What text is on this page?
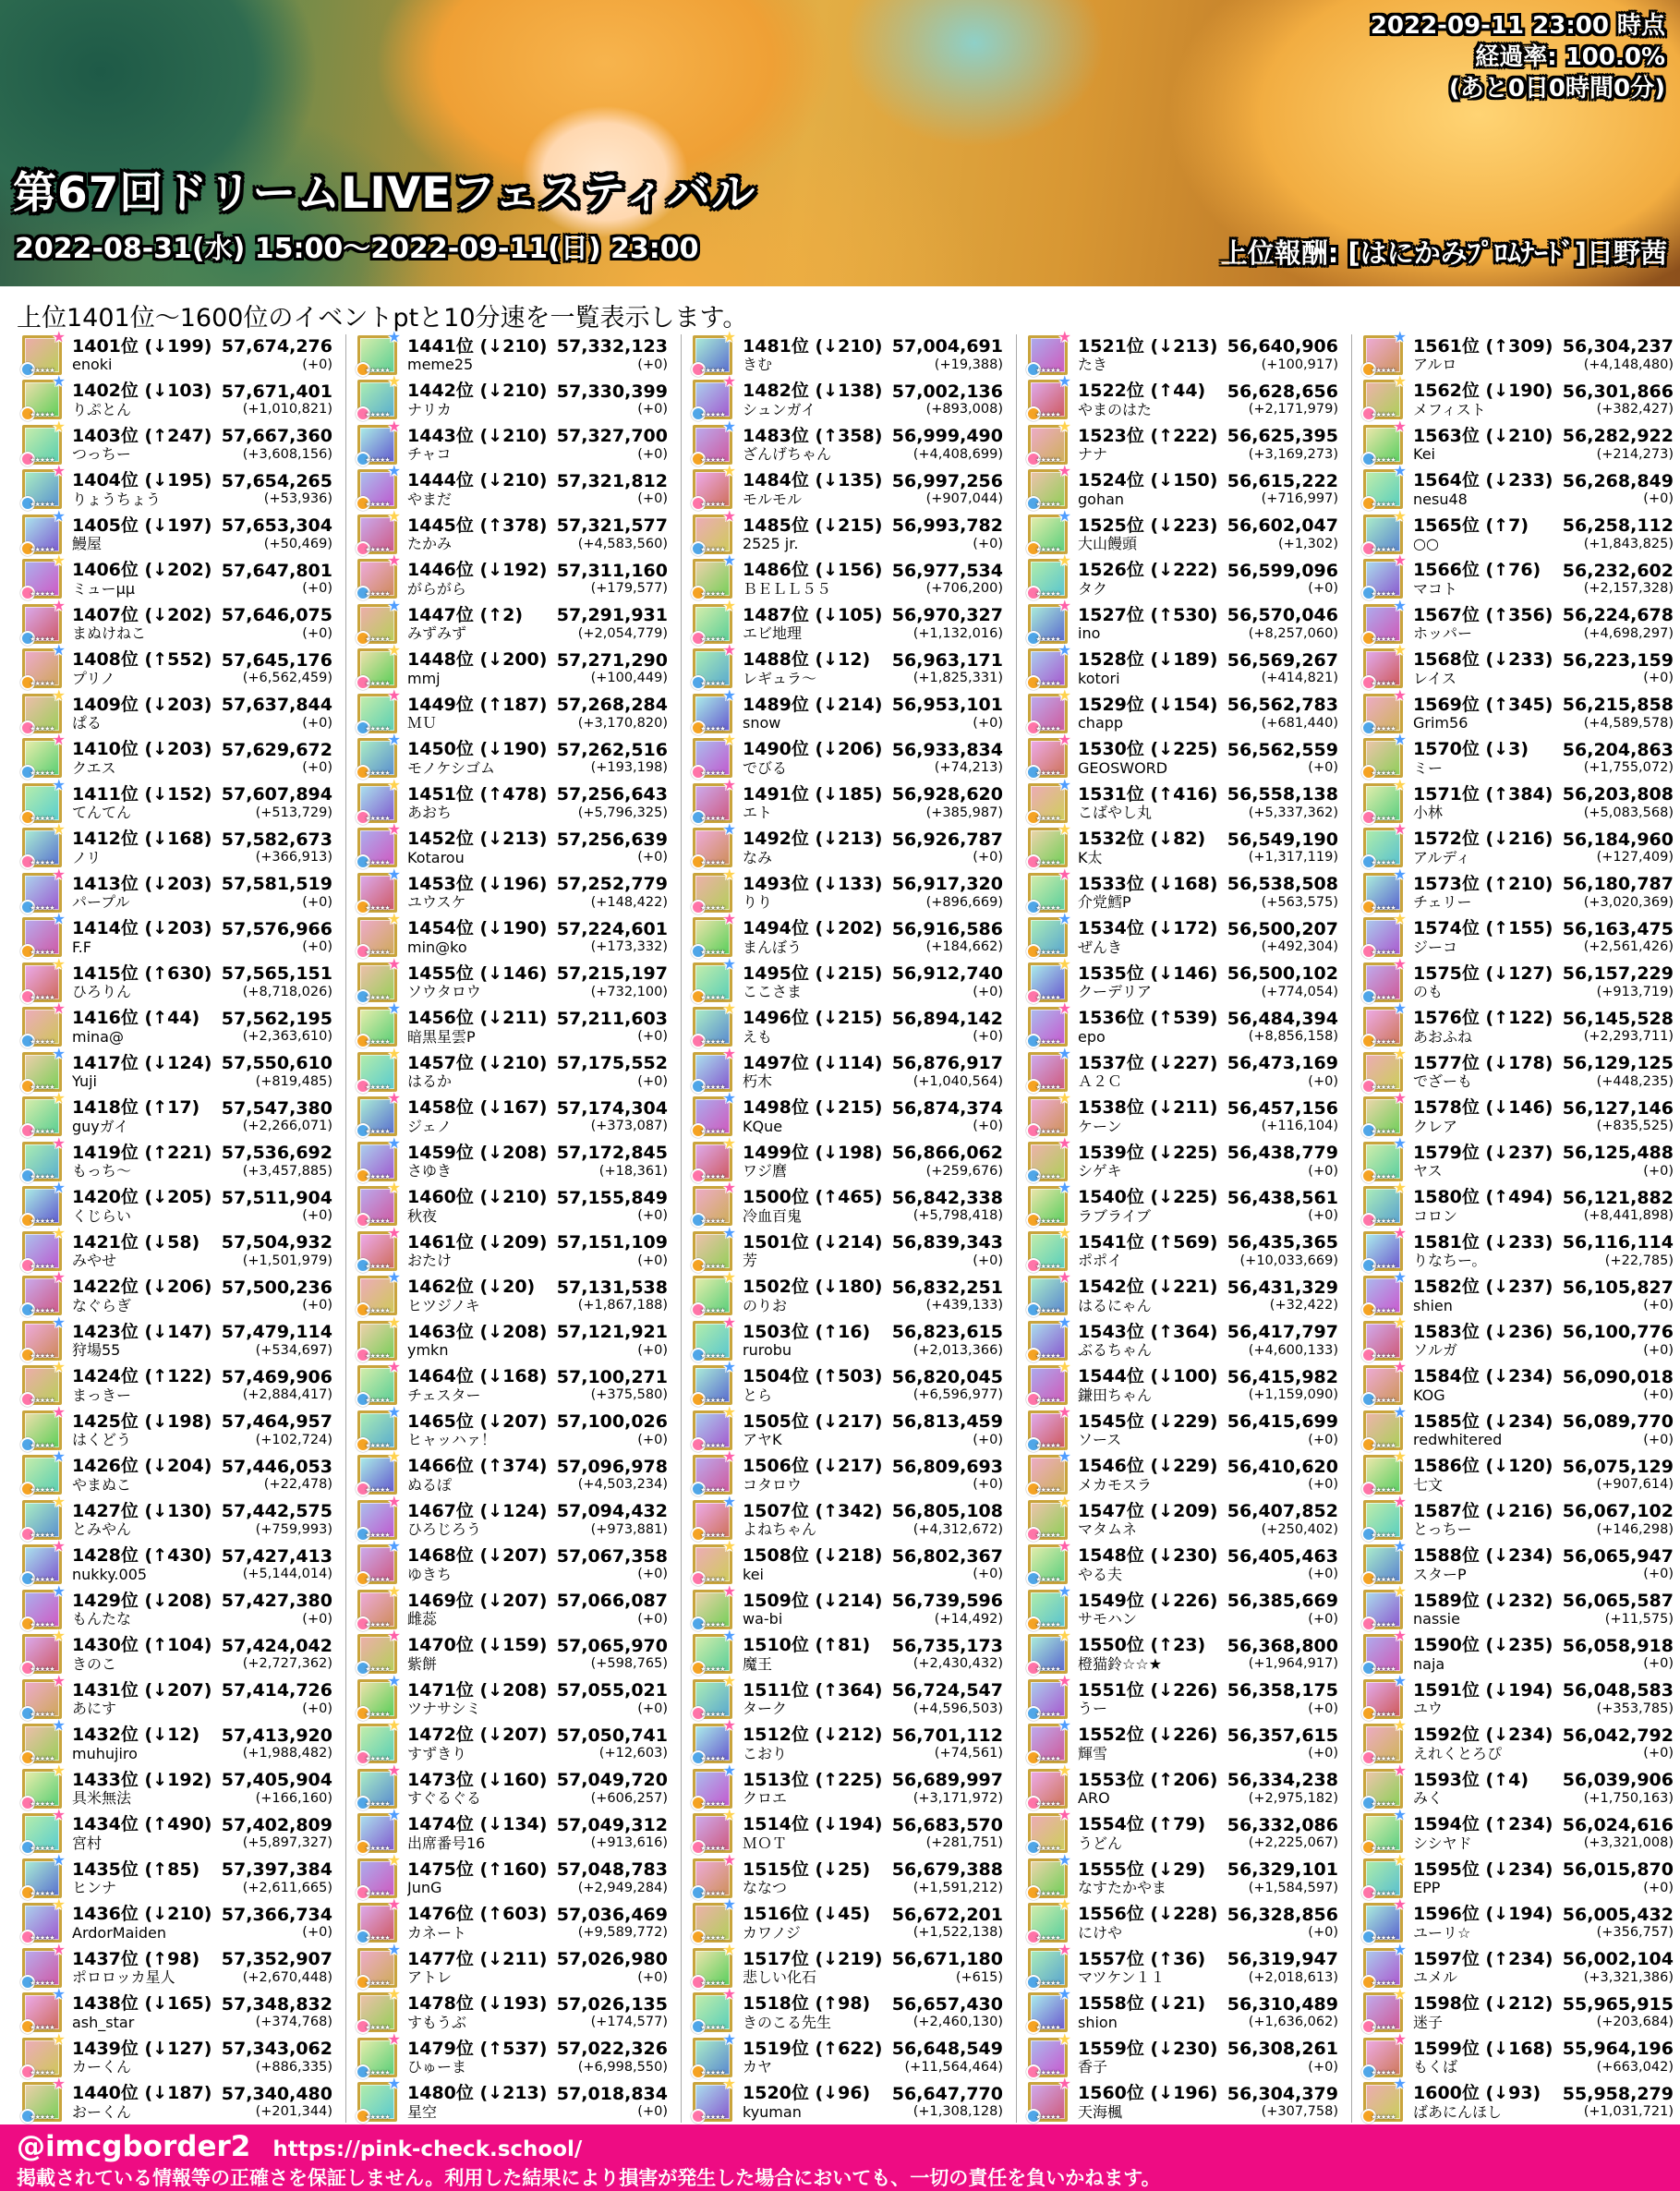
2022-09-11 23:00 時点
経過率: 100.0%
(あと0日0時間0分)
第67回ドリームLIVEフェスティバル
2022-08-31(水) 15:00～2022-09-11(日) 23:00	上位報酬: [はにかみﾌﾟﾛﾑﾅｰﾄﾞ]日野茜
上位1401位～1600位のイベントptと10分速を一覧表示します。
★
★★★★★
1401位 (↓199)
enoki
57,674,276
(+0)
★
★★★★★
1402位 (↓103)
りぷとん
57,671,401
(+1,010,821)
★
★★★★★
1403位 (↑247)
つっちー
57,667,360
(+3,608,156)
★
★★★★★
1404位 (↓195)
りょうちょう
57,654,265
(+53,936)
★
★★★★★
1405位 (↓197)
鰻屋
57,653,304
(+50,469)
★
★★★★★
1406位 (↓202)
ミューμμ
57,647,801
(+0)
★
★★★★★
1407位 (↓202)
まぬけねこ
57,646,075
(+0)
★
★★★★★
1408位 (↑552)
プリノ
57,645,176
(+6,562,459)
★
★★★★★
1409位 (↓203)
ぱる
57,637,844
(+0)
★
★★★★★
1410位 (↓203)
クエス
57,629,672
(+0)
★
★★★★★
1411位 (↓152)
てんてん
57,607,894
(+513,729)
★
★★★★★
1412位 (↓168)
ノリ
57,582,673
(+366,913)
★
★★★★★
1413位 (↓203)
パープル
57,581,519
(+0)
★
★★★★★
1414位 (↓203)
F.F
57,576,966
(+0)
★
★★★★★
1415位 (↑630)
ひろりん
57,565,151
(+8,718,026)
★
★★★★★
1416位 (↑44)
mina@
57,562,195
(+2,363,610)
★
★★★★★
1417位 (↓124)
Yuji
57,550,610
(+819,485)
★
★★★★★
1418位 (↑17)
guyガイ
57,547,380
(+2,266,071)
★
★★★★★
1419位 (↑221)
もっち～
57,536,692
(+3,457,885)
★
★★★★★
1420位 (↓205)
くじらい
57,511,904
(+0)
★
★★★★★
1421位 (↓58)
みやせ
57,504,932
(+1,501,979)
★
★★★★★
1422位 (↓206)
なぐらぎ
57,500,236
(+0)
★
★★★★★
1423位 (↓147)
狩場55
57,479,114
(+534,697)
★
★★★★★
1424位 (↑122)
まっきー
57,469,906
(+2,884,417)
★
★★★★★
1425位 (↓198)
はくどう
57,464,957
(+102,724)
★
★★★★★
1426位 (↓204)
やまぬこ
57,446,053
(+22,478)
★
★★★★★
1427位 (↓130)
とみやん
57,442,575
(+759,993)
★
★★★★★
1428位 (↑430)
nukky.005
57,427,413
(+5,144,014)
★
★★★★★
1429位 (↓208)
もんたな
57,427,380
(+0)
★
★★★★★
1430位 (↑104)
きのこ
57,424,042
(+2,727,362)
★
★★★★★
1431位 (↓207)
あにす
57,414,726
(+0)
★
★★★★★
1432位 (↓12)
muhujiro
57,413,920
(+1,988,482)
★
★★★★★
1433位 (↓192)
具米無法
57,405,904
(+166,160)
★
★★★★★
1434位 (↑490)
宮村
57,402,809
(+5,897,327)
★
★★★★★
1435位 (↑85)
ヒンナ
57,397,384
(+2,611,665)
★
★★★★★
1436位 (↓210)
ArdorMaiden
57,366,734
(+0)
★
★★★★★
1437位 (↑98)
ポロロッカ星人
57,352,907
(+2,670,448)
★
★★★★★
1438位 (↓165)
ash_star
57,348,832
(+374,768)
★
★★★★★
1439位 (↓127)
カーくん
57,343,062
(+886,335)
★
★★★★★
1440位 (↓187)
おーくん
57,340,480
(+201,344)
★
★★★★★
1441位 (↓210)
meme25
57,332,123
(+0)
★
★★★★★
1442位 (↓210)
ナリカ
57,330,399
(+0)
★
★★★★★
1443位 (↓210)
チャコ
57,327,700
(+0)
★
★★★★★
1444位 (↓210)
やまだ
57,321,812
(+0)
★
★★★★★
1445位 (↑378)
たかみ
57,321,577
(+4,583,560)
★
★★★★★
1446位 (↓192)
がらがら
57,311,160
(+179,577)
★
★★★★★
1447位 (↑2)
みずみず
57,291,931
(+2,054,779)
★
★★★★★
1448位 (↓200)
mmj
57,271,290
(+100,449)
★
★★★★★
1449位 (↑187)
ＭＵ
57,268,284
(+3,170,820)
★
★★★★★
1450位 (↓190)
モノケシゴム
57,262,516
(+193,198)
★
★★★★★
1451位 (↑478)
あおち
57,256,643
(+5,796,325)
★
★★★★★
1452位 (↓213)
Kotarou
57,256,639
(+0)
★
★★★★★
1453位 (↓196)
ユウスケ
57,252,779
(+148,422)
★
★★★★★
1454位 (↓190)
min@ko
57,224,601
(+173,332)
★
★★★★★
1455位 (↓146)
ソウタロウ
57,215,197
(+732,100)
★
★★★★★
1456位 (↓211)
暗黒星雲P
57,211,603
(+0)
★
★★★★★
1457位 (↓210)
はるか
57,175,552
(+0)
★
★★★★★
1458位 (↓167)
ジェノ
57,174,304
(+373,087)
★
★★★★★
1459位 (↓208)
さゆき
57,172,845
(+18,361)
★
★★★★★
1460位 (↓210)
秋夜
57,155,849
(+0)
★
★★★★★
1461位 (↓209)
おたけ
57,151,109
(+0)
★
★★★★★
1462位 (↓20)
ヒツジノキ
57,131,538
(+1,867,188)
★
★★★★★
1463位 (↓208)
ymkn
57,121,921
(+0)
★
★★★★★
1464位 (↓168)
チェスター
57,100,271
(+375,580)
★
★★★★★
1465位 (↓207)
ヒャッハァ！
57,100,026
(+0)
★
★★★★★
1466位 (↑374)
ぬるぽ
57,096,978
(+4,503,234)
★
★★★★★
1467位 (↓124)
ひろじろう
57,094,432
(+973,881)
★
★★★★★
1468位 (↓207)
ゆきち
57,067,358
(+0)
★
★★★★★
1469位 (↓207)
雌蕊
57,066,087
(+0)
★
★★★★★
1470位 (↓159)
紫餅
57,065,970
(+598,765)
★
★★★★★
1471位 (↓208)
ツナサシミ
57,055,021
(+0)
★
★★★★★
1472位 (↓207)
すずきり
57,050,741
(+12,603)
★
★★★★★
1473位 (↓160)
すぐるぐる
57,049,720
(+606,257)
★
★★★★★
1474位 (↓134)
出席番号16
57,049,312
(+913,616)
★
★★★★★
1475位 (↑160)
JunG
57,048,783
(+2,949,284)
★
★★★★★
1476位 (↑603)
カネート
57,036,469
(+9,589,772)
★
★★★★★
1477位 (↓211)
アトレ
57,026,980
(+0)
★
★★★★★
1478位 (↓193)
すもうぶ
57,026,135
(+174,577)
★
★★★★★
1479位 (↑537)
ひゅーま
57,022,326
(+6,998,550)
★
★★★★★
1480位 (↓213)
星空
57,018,834
(+0)
★
★★★★★
1481位 (↓210)
きむ
57,004,691
(+19,388)
★
★★★★★
1482位 (↓138)
シュンガイ
57,002,136
(+893,008)
★
★★★★★
1483位 (↑358)
ざんげちゃん
56,999,490
(+4,408,699)
★
★★★★★
1484位 (↓135)
モルモル
56,997,256
(+907,044)
★
★★★★★
1485位 (↓215)
2525 jr.
56,993,782
(+0)
★
★★★★★
1486位 (↓156)
ＢＥＬＬ５５
56,977,534
(+706,200)
★
★★★★★
1487位 (↓105)
エビ地理
56,970,327
(+1,132,016)
★
★★★★★
1488位 (↓12)
レギュラ～
56,963,171
(+1,825,331)
★
★★★★★
1489位 (↓214)
snow
56,953,101
(+0)
★
★★★★★
1490位 (↓206)
でびる
56,933,834
(+74,213)
★
★★★★★
1491位 (↓185)
エト
56,928,620
(+385,987)
★
★★★★★
1492位 (↓213)
なみ
56,926,787
(+0)
★
★★★★★
1493位 (↓133)
りり
56,917,320
(+896,669)
★
★★★★★
1494位 (↓202)
まんぼう
56,916,586
(+184,662)
★
★★★★★
1495位 (↓215)
ここさま
56,912,740
(+0)
★
★★★★★
1496位 (↓215)
えも
56,894,142
(+0)
★
★★★★★
1497位 (↓114)
朽木
56,876,917
(+1,040,564)
★
★★★★★
1498位 (↓215)
KQue
56,874,374
(+0)
★
★★★★★
1499位 (↓198)
ワジ麿
56,866,062
(+259,676)
★
★★★★★
1500位 (↑465)
冷血百鬼
56,842,338
(+5,798,418)
★
★★★★★
1501位 (↓214)
芳
56,839,343
(+0)
★
★★★★★
1502位 (↓180)
のりお
56,832,251
(+439,133)
★
★★★★★
1503位 (↑16)
rurobu
56,823,615
(+2,013,366)
★
★★★★★
1504位 (↑503)
とら
56,820,045
(+6,596,977)
★
★★★★★
1505位 (↓217)
アヤK
56,813,459
(+0)
★
★★★★★
1506位 (↓217)
コタロウ
56,809,693
(+0)
★
★★★★★
1507位 (↑342)
よねちゃん
56,805,108
(+4,312,672)
★
★★★★★
1508位 (↓218)
kei
56,802,367
(+0)
★
★★★★★
1509位 (↓214)
wa-bi
56,739,596
(+14,492)
★
★★★★★
1510位 (↑81)
魔王
56,735,173
(+2,430,432)
★
★★★★★
1511位 (↑364)
ターク
56,724,547
(+4,596,503)
★
★★★★★
1512位 (↓212)
こおり
56,701,112
(+74,561)
★
★★★★★
1513位 (↑225)
クロエ
56,689,997
(+3,171,972)
★
★★★★★
1514位 (↓194)
ＭＯＴ
56,683,570
(+281,751)
★
★★★★★
1515位 (↓25)
ななつ
56,679,388
(+1,591,212)
★
★★★★★
1516位 (↓45)
カワノジ
56,672,201
(+1,522,138)
★
★★★★★
1517位 (↓219)
悲しい化石
56,671,180
(+615)
★
★★★★★
1518位 (↑98)
きのこる先生
56,657,430
(+2,460,130)
★
★★★★★
1519位 (↑622)
カヤ
56,648,549
(+11,564,464)
★
★★★★★
1520位 (↓96)
kyuman
56,647,770
(+1,308,128)
★
★★★★★
1521位 (↓213)
たき
56,640,906
(+100,917)
★
★★★★★
1522位 (↑44)
やまのはた
56,628,656
(+2,171,979)
★
★★★★★
1523位 (↑222)
ナナ
56,625,395
(+3,169,273)
★
★★★★★
1524位 (↓150)
gohan
56,615,222
(+716,997)
★
★★★★★
1525位 (↓223)
大山饅頭
56,602,047
(+1,302)
★
★★★★★
1526位 (↓222)
タク
56,599,096
(+0)
★
★★★★★
1527位 (↑530)
ino
56,570,046
(+8,257,060)
★
★★★★★
1528位 (↓189)
kotori
56,569,267
(+414,821)
★
★★★★★
1529位 (↓154)
chapp
56,562,783
(+681,440)
★
★★★★★
1530位 (↓225)
GEOSWORD
56,562,559
(+0)
★
★★★★★
1531位 (↑416)
こばやし丸
56,558,138
(+5,337,362)
★
★★★★★
1532位 (↓82)
K太
56,549,190
(+1,317,119)
★
★★★★★
1533位 (↓168)
介党鱈P
56,538,508
(+563,575)
★
★★★★★
1534位 (↓172)
ぜんき
56,500,207
(+492,304)
★
★★★★★
1535位 (↓146)
クーデリア
56,500,102
(+774,054)
★
★★★★★
1536位 (↑539)
epo
56,484,394
(+8,856,158)
★
★★★★★
1537位 (↓227)
Ａ２Ｃ
56,473,169
(+0)
★
★★★★★
1538位 (↓211)
ケーン
56,457,156
(+116,104)
★
★★★★★
1539位 (↓225)
シゲキ
56,438,779
(+0)
★
★★★★★
1540位 (↓225)
ラブライブ
56,438,561
(+0)
★
★★★★★
1541位 (↑569)
ポポイ
56,435,365
(+10,033,669)
★
★★★★★
1542位 (↓221)
はるにゃん
56,431,329
(+32,422)
★
★★★★★
1543位 (↑364)
ぶるちゃん
56,417,797
(+4,600,133)
★
★★★★★
1544位 (↓100)
鎌田ちゃん
56,415,982
(+1,159,090)
★
★★★★★
1545位 (↓229)
ソース
56,415,699
(+0)
★
★★★★★
1546位 (↓229)
メカモスラ
56,410,620
(+0)
★
★★★★★
1547位 (↓209)
マタムネ
56,407,852
(+250,402)
★
★★★★★
1548位 (↓230)
やる夫
56,405,463
(+0)
★
★★★★★
1549位 (↓226)
サモハン
56,385,669
(+0)
★
★★★★★
1550位 (↑23)
橙猫鈴☆☆★
56,368,800
(+1,964,917)
★
★★★★★
1551位 (↓226)
うー
56,358,175
(+0)
★
★★★★★
1552位 (↓226)
輝雪
56,357,615
(+0)
★
★★★★★
1553位 (↑206)
ARO
56,334,238
(+2,975,182)
★
★★★★★
1554位 (↑79)
うどん
56,332,086
(+2,225,067)
★
★★★★★
1555位 (↓29)
なすたかやま
56,329,101
(+1,584,597)
★
★★★★★
1556位 (↓228)
にけや
56,328,856
(+0)
★
★★★★★
1557位 (↑36)
マツケン１１
56,319,947
(+2,018,613)
★
★★★★★
1558位 (↓21)
shion
56,310,489
(+1,636,062)
★
★★★★★
1559位 (↓230)
香子
56,308,261
(+0)
★
★★★★★
1560位 (↓196)
天海楓
56,304,379
(+307,758)
★
★★★★★
1561位 (↑309)
アルロ
56,304,237
(+4,148,480)
★
★★★★★
1562位 (↓190)
メフィスト
56,301,866
(+382,427)
★
★★★★★
1563位 (↓210)
Kei
56,282,922
(+214,273)
★
★★★★★
1564位 (↓233)
nesu48
56,268,849
(+0)
★
★★★★★
1565位 (↑7)
○○
56,258,112
(+1,843,825)
★
★★★★★
1566位 (↑76)
マコト
56,232,602
(+2,157,328)
★
★★★★★
1567位 (↑356)
ホッパー
56,224,678
(+4,698,297)
★
★★★★★
1568位 (↓233)
レイス
56,223,159
(+0)
★
★★★★★
1569位 (↑345)
Grim56
56,215,858
(+4,589,578)
★
★★★★★
1570位 (↓3)
ミー
56,204,863
(+1,755,072)
★
★★★★★
1571位 (↑384)
小林
56,203,808
(+5,083,568)
★
★★★★★
1572位 (↓216)
アルディ
56,184,960
(+127,409)
★
★★★★★
1573位 (↑210)
チェリー
56,180,787
(+3,020,369)
★
★★★★★
1574位 (↑155)
ジーコ
56,163,475
(+2,561,426)
★
★★★★★
1575位 (↓127)
のも
56,157,229
(+913,719)
★
★★★★★
1576位 (↑122)
あおふね
56,145,528
(+2,293,711)
★
★★★★★
1577位 (↓178)
でざーも
56,129,125
(+448,235)
★
★★★★★
1578位 (↓146)
クレア
56,127,146
(+835,525)
★
★★★★★
1579位 (↓237)
ヤス
56,125,488
(+0)
★
★★★★★
1580位 (↑494)
コロン
56,121,882
(+8,441,898)
★
★★★★★
1581位 (↓233)
りなちー。
56,116,114
(+22,785)
★
★★★★★
1582位 (↓237)
shien
56,105,827
(+0)
★
★★★★★
1583位 (↓236)
ソルガ
56,100,776
(+0)
★
★★★★★
1584位 (↓234)
KOG
56,090,018
(+0)
★
★★★★★
1585位 (↓234)
redwhitered
56,089,770
(+0)
★
★★★★★
1586位 (↓120)
七文
56,075,129
(+907,614)
★
★★★★★
1587位 (↓216)
とっちー
56,067,102
(+146,298)
★
★★★★★
1588位 (↓234)
スターP
56,065,947
(+0)
★
★★★★★
1589位 (↓232)
nassie
56,065,587
(+11,575)
★
★★★★★
1590位 (↓235)
naja
56,058,918
(+0)
★
★★★★★
1591位 (↓194)
ユウ
56,048,583
(+353,785)
★
★★★★★
1592位 (↓234)
えれくとろぴ
56,042,792
(+0)
★
★★★★★
1593位 (↑4)
みく
56,039,906
(+1,750,163)
★
★★★★★
1594位 (↑234)
シシヤド
56,024,616
(+3,321,008)
★
★★★★★
1595位 (↓234)
EPP
56,015,870
(+0)
★
★★★★★
1596位 (↓194)
ユーリ☆
56,005,432
(+356,757)
★
★★★★★
1597位 (↑234)
ユメル
56,002,104
(+3,321,386)
★
★★★★★
1598位 (↓212)
迷子
55,965,915
(+203,684)
★
★★★★★
1599位 (↓168)
もくば
55,964,196
(+663,042)
★
★★★★★
1600位 (↓93)
ばあにんほし
55,958,279
(+1,031,721)
@imcgborder2 https://pink-check.school/
掲載されている情報等の正確さを保証しません。利用した結果により損害が発生した場合においても、一切の責任を負いかねます。
